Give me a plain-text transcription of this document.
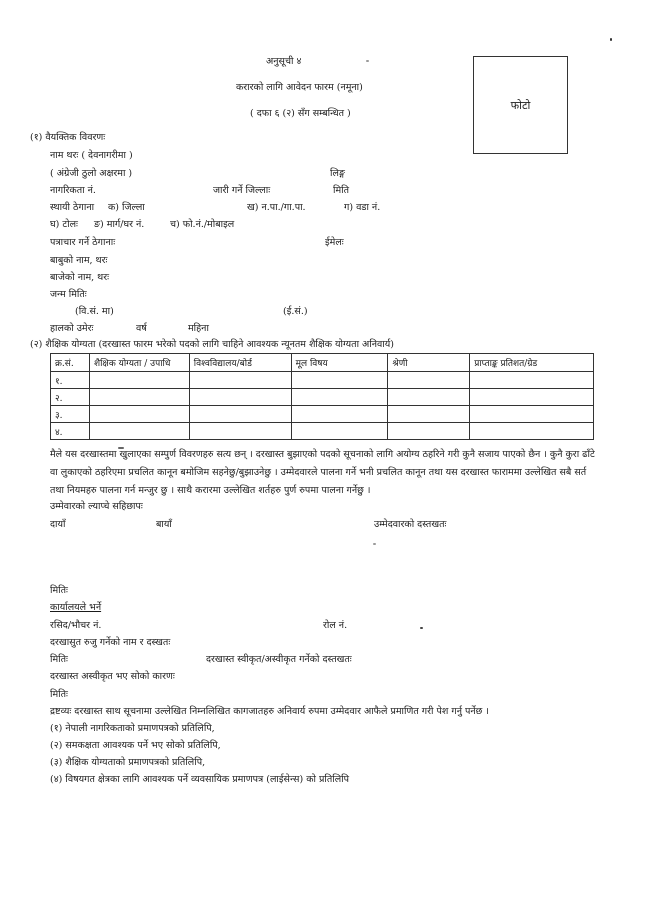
अनुसूची ४
करारको लागि आवेदन फारम (नमूना)
( दफा ६ (२) सँग सम्बन्धित )
फोटो
(१) वैयक्तिक विवरणः
नाम थरः ( देवनागरीमा )
( अंग्रेजी ठुलो अक्षरमा )	लिङ्ग
नागरिकता नं.	जारी गर्ने जिल्लाः	मिति
स्थायी ठेगाना क) जिल्ला	ख) न.पा./गा.पा.	ग) वडा नं.
घ) टोलः ङ) मार्ग/घर नं.	च) फो.नं./मोबाइल
पत्राचार गर्ने ठेगानाः	ईमेलः
बाबुको नाम, थरः
बाजेको नाम, थरः
जन्म मितिः
(वि.सं. मा)	(ई.सं.)
हालको उमेरः	वर्ष	महिना
(२) शैक्षिक योग्यता (दरखास्त फारम भरेको पदको लागि चाहिने आवश्यक न्यूनतम शैक्षिक योग्यता अनिवार्य)
क्र.सं.	शैक्षिक योग्यता / उपाधि	विश्वविद्यालय/बोर्ड	मूल विषय	श्रेणी	प्राप्ताङ्क प्रतिशत/ग्रेड
१.					
२.					
३.					
४.					
मैले यस दरखास्तमा खुलाएका सम्पुर्ण विवरणहरु सत्य छन् । दरखास्त बुझाएको पदको सूचनाको लागि अयोग्य ठहरिने गरी कुनै सजाय पाएको छैन । कुनै कुरा ढाँटे वा लुकाएको ठहरिएमा प्रचलित कानून बमोजिम सहनेछु/बुझाउनेछु । उम्मेदवारले पालना गर्ने भनी प्रचलित कानून तथा यस दरखास्त फाराममा उल्लेखित सबै सर्त तथा नियमहरु पालना गर्न मन्जुर छु । साथै करारमा उल्लेखित शर्तहरु पुर्ण रुपमा पालना गर्नेछु ।
उम्मेवारको ल्याप्चे सहिछापः
दायाँ	बायाँ	उम्मेदवारको दस्तखतः
मितिः
कार्यालयले भर्ने
रसिद/भौचर नं.	रोल नं.
दरखासुत रुजु गर्नेको नाम र दस्खतः
मितिः	दरखास्त स्वीकृत/अस्वीकृत गर्नेको दस्तखतः
दरखास्त अस्वीकृत भए सोको कारणः
मितिः
द्रष्टव्यः दरखास्त साथ सूचनामा उल्लेखित निम्नलिखित कागजातहरु अनिवार्य रुपमा उम्मेदवार आफैले प्रमाणित गरी पेश गर्नु पर्नेछ ।
(१) नेपाली नागरिकताको प्रमाणपत्रको प्रतिलिपि,
(२) समकक्षता आवश्यक पर्ने भए सोको प्रतिलिपि,
(३) शैक्षिक योग्यताको प्रमाणपत्रको प्रतिलिपि,
(४) विषयगत क्षेत्रका लागि आवश्यक पर्ने व्यवसायिक प्रमाणपत्र (लाईसेन्स) को प्रतिलिपि
